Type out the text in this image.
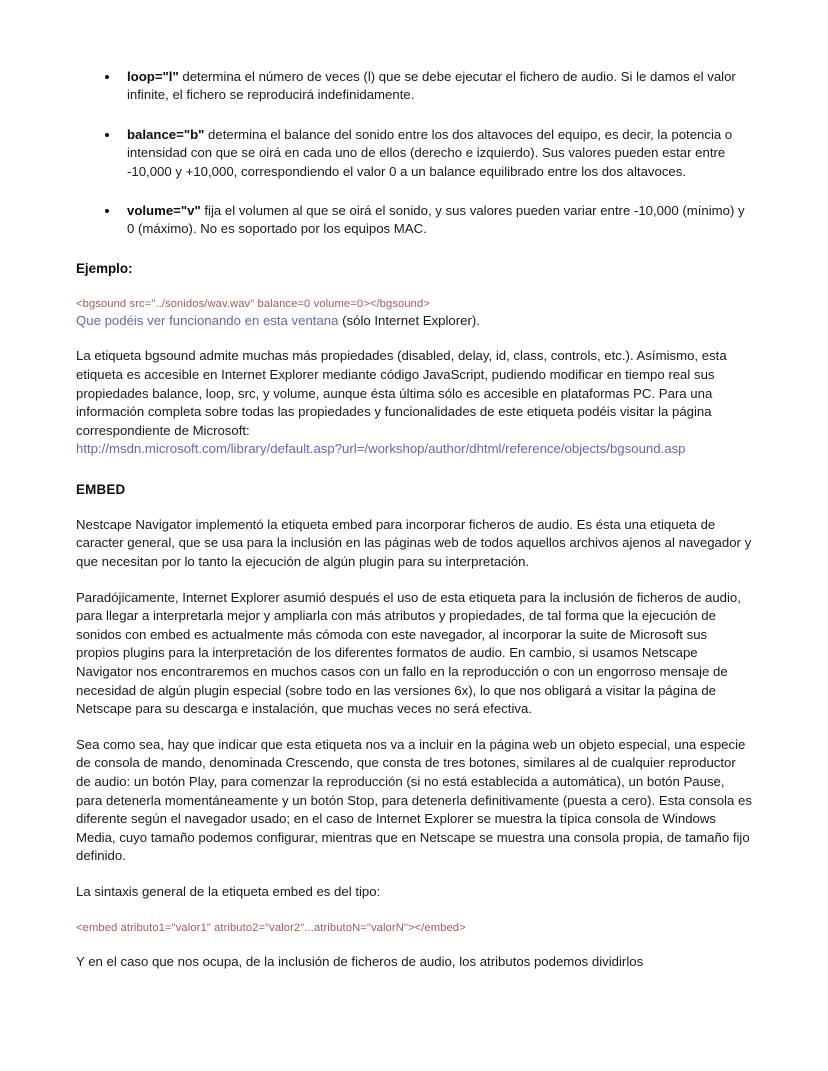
loop="l" determina el número de veces (l) que se debe ejecutar el fichero de audio. Si le damos el valor infinite, el fichero se reproducirá indefinidamente.
balance="b" determina el balance del sonido entre los dos altavoces del equipo, es decir, la potencia o intensidad con que se oirá en cada uno de ellos (derecho e izquierdo). Sus valores pueden estar entre -10,000 y +10,000, correspondiendo el valor 0 a un balance equilibrado entre los dos altavoces.
volume="v" fija el volumen al que se oirá el sonido, y sus valores pueden variar entre -10,000 (mínimo) y 0 (máximo). No es soportado por los equipos MAC.

Ejemplo:

<bgsound src="../sonidos/wav.wav" balance=0 volume=0></bgsound>

Que podéis ver funcionando en esta ventana (sólo Internet Explorer).

La etiqueta bgsound admite muchas más propiedades (disabled, delay, id, class, controls, etc.). Asímismo, esta etiqueta es accesible en Internet Explorer mediante código JavaScript, pudiendo modificar en tiempo real sus propiedades balance, loop, src, y volume, aunque ésta última sólo es accesible en plataformas PC. Para una información completa sobre todas las propiedades y funcionalidades de este etiqueta podéis visitar la página correspondiente de Microsoft:

http://msdn.microsoft.com/library/default.asp?url=/workshop/author/dhtml/reference/objects/bgsound.asp

EMBED

Nestcape Navigator implementó la etiqueta embed para incorporar ficheros de audio. Es ésta una etiqueta de caracter general, que se usa para la inclusión en las páginas web de todos aquellos archivos ajenos al navegador y que necesitan por lo tanto la ejecución de algún plugin para su interpretación.

Paradójicamente, Internet Explorer asumió después el uso de esta etiqueta para la inclusión de ficheros de audio, para llegar a interpretarla mejor y ampliarla con más atributos y propiedades, de tal forma que la ejecución de sonidos con embed es actualmente más cómoda con este navegador, al incorporar la suite de Microsoft sus propios plugins para la interpretación de los diferentes formatos de audio. En cambio, si usamos Netscape Navigator nos encontraremos en muchos casos con un fallo en la reproducción o con un engorroso mensaje de necesidad de algún plugin especial (sobre todo en las versiones 6x), lo que nos obligará a visitar la página de Netscape para su descarga e instalación, que muchas veces no será efectiva.

Sea como sea, hay que indicar que esta etiqueta nos va a incluir en la página web un objeto especial, una especie de consola de mando, denominada Crescendo, que consta de tres botones, similares al de cualquier reproductor de audio: un botón Play, para comenzar la reproducción (si no está establecida a automática), un botón Pause, para detenerla momentáneamente y un botón Stop, para detenerla definitivamente (puesta a cero). Esta consola es diferente según el navegador usado; en el caso de Internet Explorer se muestra la típica consola de Windows Media, cuyo tamaño podemos configurar, mientras que en Netscape se muestra una consola propia, de tamaño fijo definido.

La sintaxis general de la etiqueta embed es del tipo:

<embed atributo1="valor1" atributo2="valor2"...atributoN="valorN"></embed>

Y en el caso que nos ocupa, de la inclusión de ficheros de audio, los atributos podemos dividirlos
